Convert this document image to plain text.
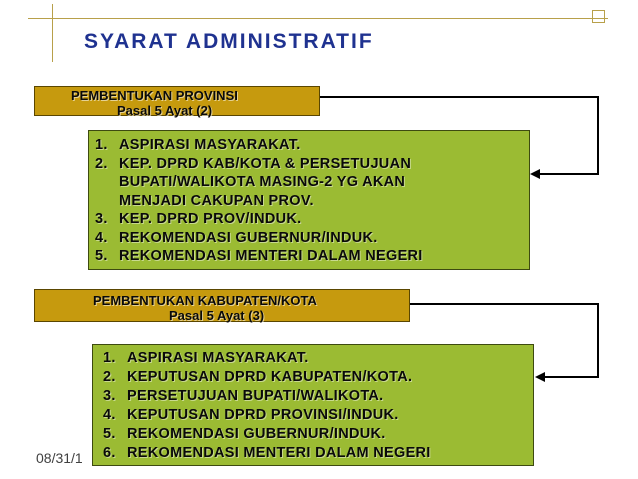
SYARAT ADMINISTRATIF
PEMBENTUKAN PROVINSI
Pasal 5 Ayat (2)
1. ASPIRASI MASYARAKAT.
2. KEP. DPRD KAB/KOTA & PERSETUJUAN
BUPATI/WALIKOTA MASING-2 YG AKAN
MENJADI CAKUPAN PROV.
3. KEP. DPRD PROV/INDUK.
4. REKOMENDASI GUBERNUR/INDUK.
5. REKOMENDASI MENTERI DALAM NEGERI
PEMBENTUKAN KABUPATEN/KOTA
Pasal 5 Ayat (3)
1. ASPIRASI MASYARAKAT.
2. KEPUTUSAN DPRD KABUPATEN/KOTA.
3. PERSETUJUAN BUPATI/WALIKOTA.
4. KEPUTUSAN DPRD PROVINSI/INDUK.
5. REKOMENDASI GUBERNUR/INDUK.
6. REKOMENDASI MENTERI DALAM NEGERI
08/31/1
